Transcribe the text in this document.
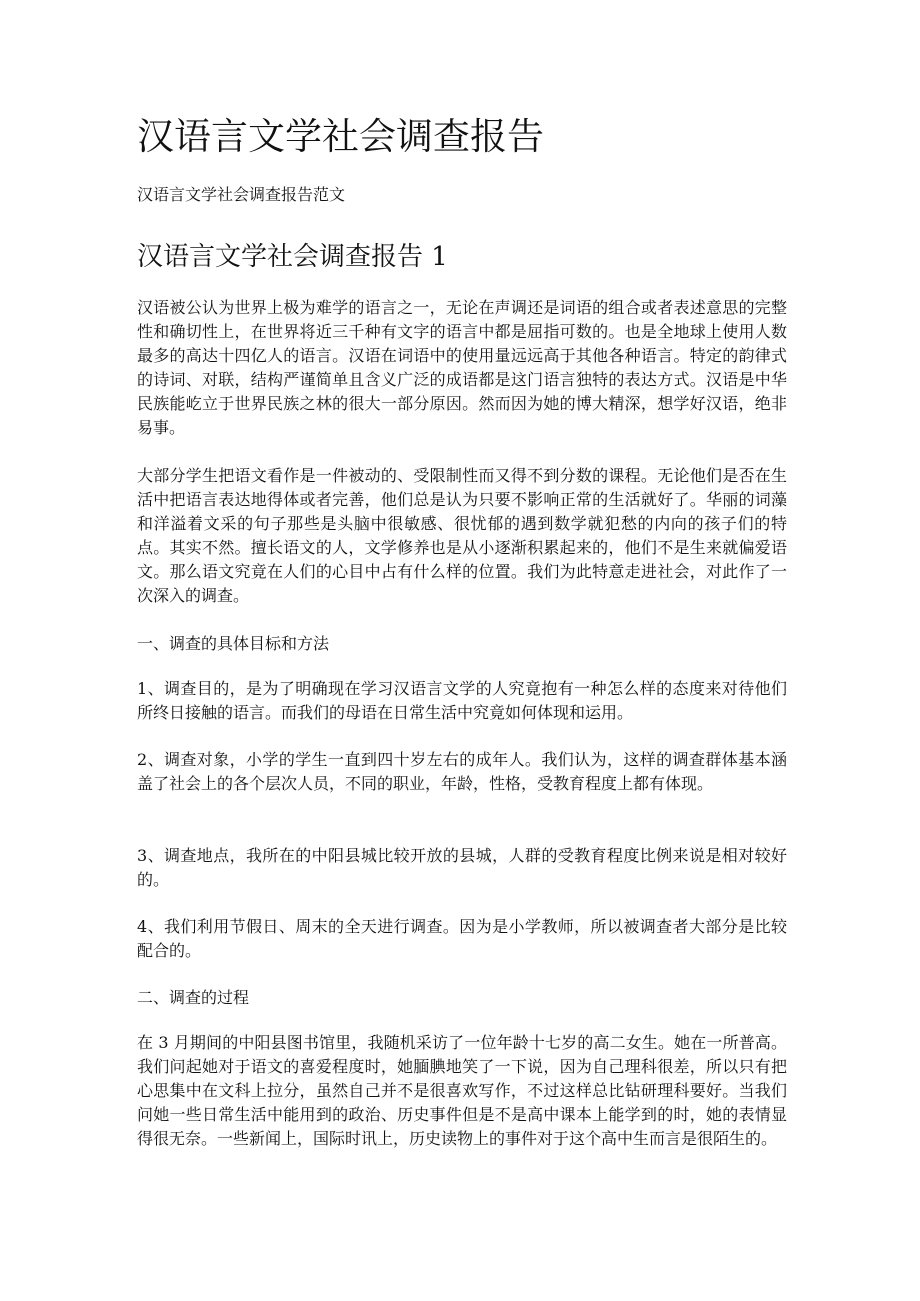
汉语言文学社会调查报告

汉语言文学社会调查报告范文

汉语言文学社会调查报告 1

汉语被公认为世界上极为难学的语言之一，无论在声调还是词语的组合或者表述意思的完整性和确切性上，在世界将近三千种有文字的语言中都是屈指可数的。也是全地球上使用人数最多的高达十四亿人的语言。汉语在词语中的使用量远远高于其他各种语言。特定的韵律式的诗词、对联，结构严谨简单且含义广泛的成语都是这门语言独特的表达方式。汉语是中华民族能屹立于世界民族之林的很大一部分原因。然而因为她的博大精深，想学好汉语，绝非易事。

大部分学生把语文看作是一件被动的、受限制性而又得不到分数的课程。无论他们是否在生活中把语言表达地得体或者完善，他们总是认为只要不影响正常的生活就好了。华丽的词藻和洋溢着文采的句子那些是头脑中很敏感、很忧郁的遇到数学就犯愁的内向的孩子们的特点。其实不然。擅长语文的人，文学修养也是从小逐渐积累起来的，他们不是生来就偏爱语文。那么语文究竟在人们的心目中占有什么样的位置。我们为此特意走进社会，对此作了一次深入的调查。

一、调查的具体目标和方法

1、调查目的，是为了明确现在学习汉语言文学的人究竟抱有一种怎么样的态度来对待他们所终日接触的语言。而我们的母语在日常生活中究竟如何体现和运用。

2、调查对象，小学的学生一直到四十岁左右的成年人。我们认为，这样的调查群体基本涵盖了社会上的各个层次人员，不同的职业，年龄，性格，受教育程度上都有体现。

3、调查地点，我所在的中阳县城比较开放的县城，人群的受教育程度比例来说是相对较好的。

4、我们利用节假日、周末的全天进行调查。因为是小学教师，所以被调查者大部分是比较配合的。

二、调查的过程

在 3 月期间的中阳县图书馆里，我随机采访了一位年龄十七岁的高二女生。她在一所普高。我们问起她对于语文的喜爱程度时，她腼腆地笑了一下说，因为自己理科很差，所以只有把心思集中在文科上拉分，虽然自己并不是很喜欢写作，不过这样总比钻研理科要好。当我们问她一些日常生活中能用到的政治、历史事件但是不是高中课本上能学到的时，她的表情显得很无奈。一些新闻上，国际时讯上，历史读物上的事件对于这个高中生而言是很陌生的。
